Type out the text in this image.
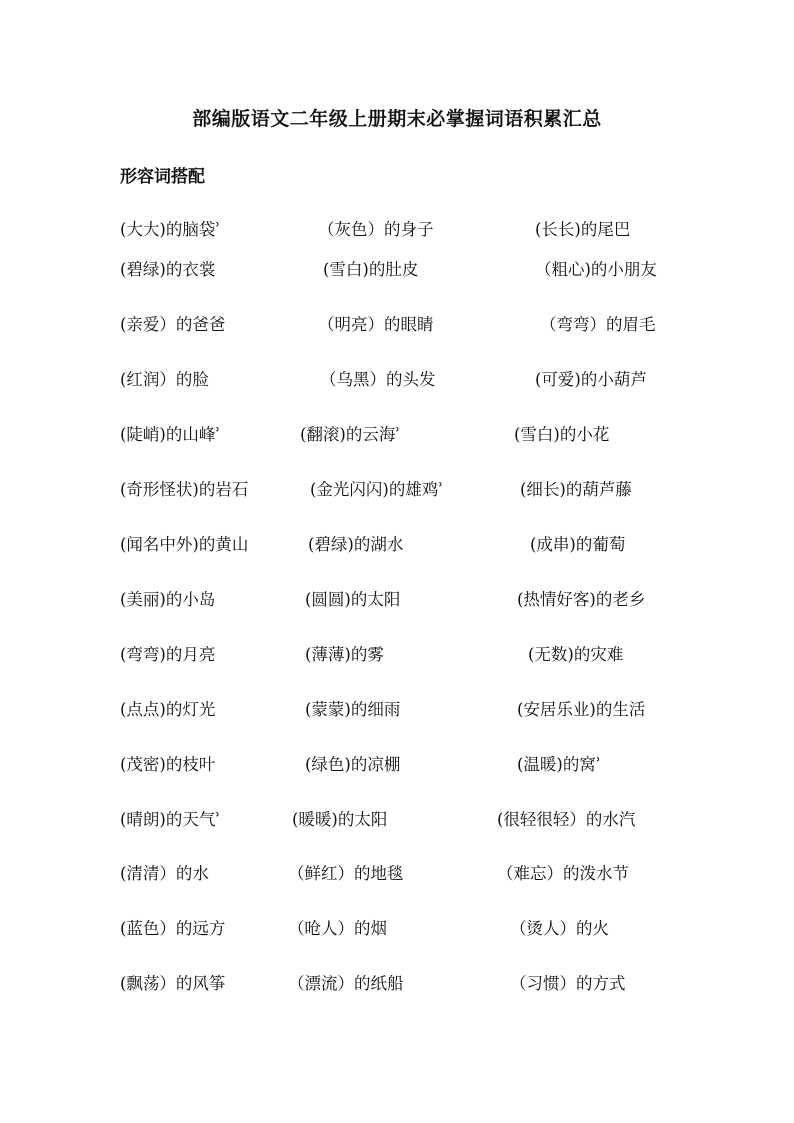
部编版语文二年级上册期末必掌握词语积累汇总
形容词搭配
(大大)的脑袋ʾ	（灰色）的身子	(长长)的尾巴
(碧绿)的衣裳	(雪白)的肚皮	（粗心)的小朋友
(亲爱）的爸爸	（明亮）的眼睛	（弯弯）的眉毛
(红润）的脸	（乌黑）的头发	(可爱)的小葫芦
(陡峭)的山峰ʾ	(翻滚)的云海ʾ	(雪白)的小花
(奇形怪状)的岩石	(金光闪闪)的雄鸡ʾ	(细长)的葫芦藤
(闻名中外)的黄山	(碧绿)的湖水	(成串)的葡萄
(美丽)的小岛	(圆圆)的太阳	(热情好客)的老乡
(弯弯)的月亮	(薄薄)的雾	(无数)的灾难
(点点)的灯光	(蒙蒙)的细雨	(安居乐业)的生活
(茂密)的枝叶	(绿色)的凉棚	(温暖)的窝ʾ
(晴朗)的天气ʾ	(暖暖)的太阳	(很轻很轻）的水汽
(清清）的水	（鲜红）的地毯	（难忘）的泼水节
(蓝色）的远方	（呛人）的烟	（烫人）的火
(飘荡）的风筝	（漂流）的纸船	（习惯）的方式
